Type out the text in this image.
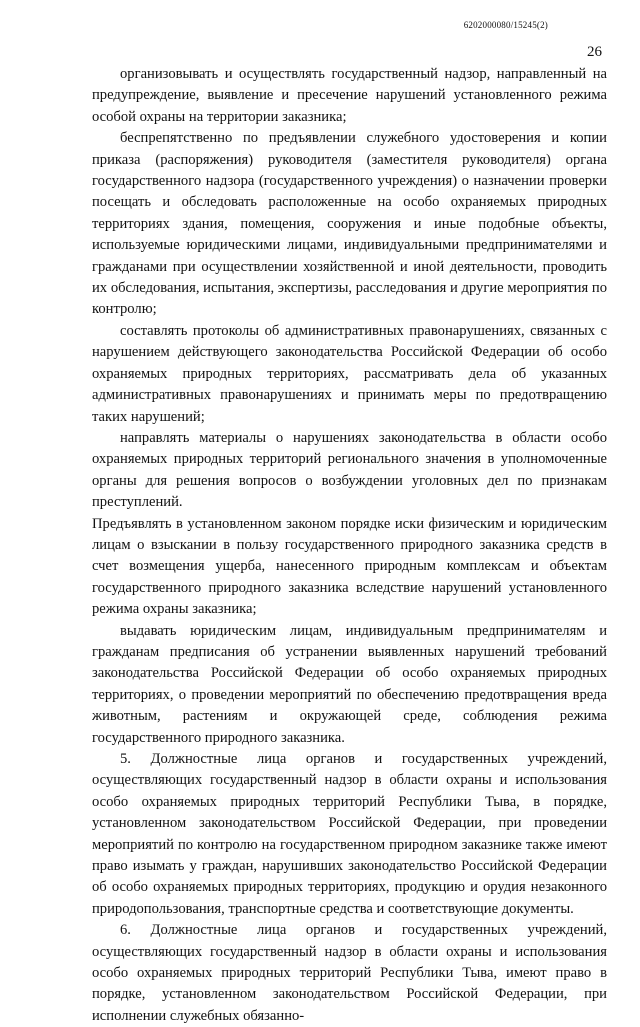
6202000080/15245(2)
26

организовывать и осуществлять государственный надзор, направленный на предупреждение, выявление и пресечение нарушений установленного режима особой охраны на территории заказника;

беспрепятственно по предъявлении служебного удостоверения и копии приказа (распоряжения) руководителя (заместителя руководителя) органа государственного надзора (государственного учреждения) о назначении проверки посещать и обследовать расположенные на особо охраняемых природных территориях здания, помещения, сооружения и иные подобные объекты, используемые юридическими лицами, индивидуальными предпринимателями и гражданами при осуществлении хозяйственной и иной деятельности, проводить их обследования, испытания, экспертизы, расследования и другие мероприятия по контролю;

составлять протоколы об административных правонарушениях, связанных с нарушением действующего законодательства Российской Федерации об особо охраняемых природных территориях, рассматривать дела об указанных административных правонарушениях и принимать меры по предотвращению таких нарушений;

направлять материалы о нарушениях законодательства в области особо охраняемых природных территорий регионального значения в уполномоченные органы для решения вопросов о возбуждении уголовных дел по признакам преступлений.

Предъявлять в установленном законом порядке иски физическим и юридическим лицам о взыскании в пользу государственного природного заказника средств в счет возмещения ущерба, нанесенного природным комплексам и объектам государственного природного заказника вследствие нарушений установленного режима охраны заказника;

выдавать юридическим лицам, индивидуальным предпринимателям и гражданам предписания об устранении выявленных нарушений требований законодательства Российской Федерации об особо охраняемых природных территориях, о проведении мероприятий по обеспечению предотвращения вреда животным, растениям и окружающей среде, соблюдения режима государственного природного заказника.

5. Должностные лица органов и государственных учреждений, осуществляющих государственный надзор в области охраны и использования особо охраняемых природных территорий Республики Тыва, в порядке, установленном законодательством Российской Федерации, при проведении мероприятий по контролю на государственном природном заказнике также имеют право изымать у граждан, нарушивших законодательство Российской Федерации об особо охраняемых природных территориях, продукцию и орудия незаконного природопользования, транспортные средства и соответствующие документы.

6. Должностные лица органов и государственных учреждений, осуществляющих государственный надзор в области охраны и использования особо охраняемых природных территорий Республики Тыва, имеют право в порядке, установленном законодательством Российской Федерации, при исполнении служебных обязанно-
